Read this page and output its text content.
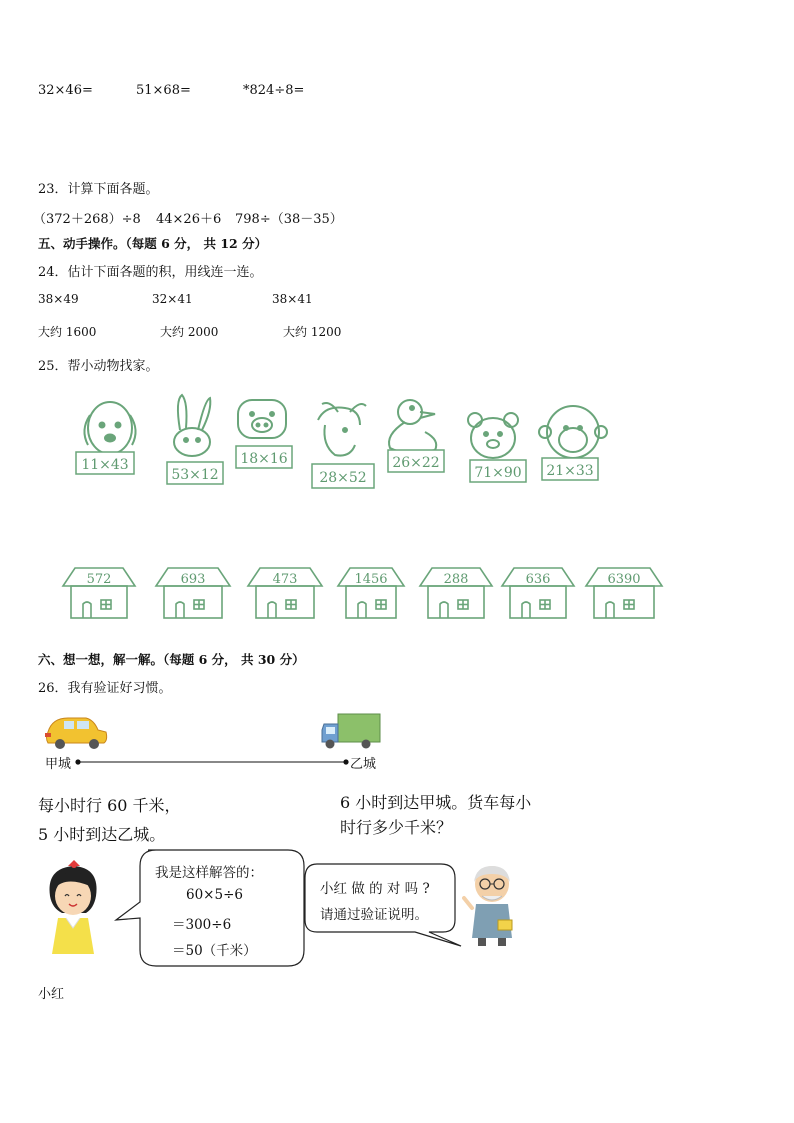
32×46=	51×68=	*824÷8=
23．计算下面各题。
（372＋268）÷8 44×26＋6 798÷（38－35）
五、动手操作。（每题 6 分， 共 12 分）
24．估计下面各题的积，用线连一连。
38×49	32×41	38×41
大约 1600	大约 2000	大约 1200
25．帮小动物找家。
11×43
53×12
18×16
28×52
26×22
71×90 21×33
572	693	473	1456	288	636	6390
六、想一想，解一解。（每题 6 分， 共 30 分）
26．我有验证好习惯。
甲城	乙城
每小时行 60 千米，
5 小时到达乙城。
6 小时到达甲城。货车每小
时行多少千米？
我是这样解答的：
60×5÷6
＝300÷6
＝50（千米）
小红 做 的 对 吗 ?
请通过验证说明。
小红
